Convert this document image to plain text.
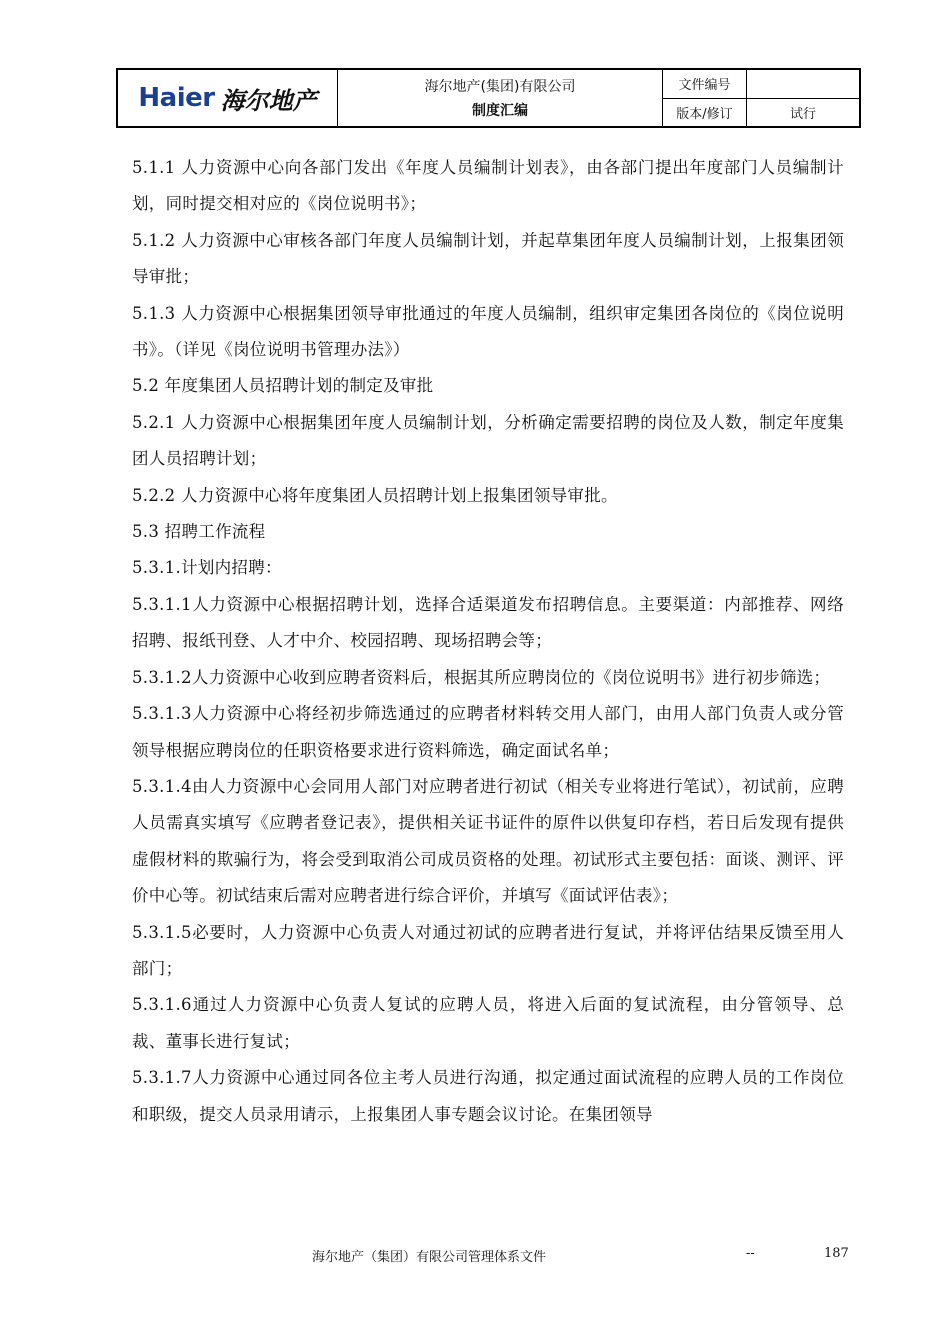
Haier 海尔地产	海尔地产(集团)有限公司
制度汇编
文件编号
版本/修订	试行

5.1.1 人力资源中心向各部门发出《年度人员编制计划表》，由各部门提出年度部门人员编制计划，同时提交相对应的《岗位说明书》；

5.1.2 人力资源中心审核各部门年度人员编制计划，并起草集团年度人员编制计划，上报集团领导审批；

5.1.3 人力资源中心根据集团领导审批通过的年度人员编制，组织审定集团各岗位的《岗位说明书》。（详见《岗位说明书管理办法》）

5.2 年度集团人员招聘计划的制定及审批

5.2.1 人力资源中心根据集团年度人员编制计划，分析确定需要招聘的岗位及人数，制定年度集团人员招聘计划；

5.2.2 人力资源中心将年度集团人员招聘计划上报集团领导审批。

5.3 招聘工作流程

5.3.1.计划内招聘：

5.3.1.1人力资源中心根据招聘计划，选择合适渠道发布招聘信息。主要渠道：内部推荐、网络招聘、报纸刊登、人才中介、校园招聘、现场招聘会等；

5.3.1.2人力资源中心收到应聘者资料后，根据其所应聘岗位的《岗位说明书》进行初步筛选；

5.3.1.3人力资源中心将经初步筛选通过的应聘者材料转交用人部门，由用人部门负责人或分管领导根据应聘岗位的任职资格要求进行资料筛选，确定面试名单；

5.3.1.4由人力资源中心会同用人部门对应聘者进行初试（相关专业将进行笔试），初试前，应聘人员需真实填写《应聘者登记表》，提供相关证书证件的原件以供复印存档，若日后发现有提供虚假材料的欺骗行为，将会受到取消公司成员资格的处理。初试形式主要包括：面谈、测评、评价中心等。初试结束后需对应聘者进行综合评价，并填写《面试评估表》；

5.3.1.5必要时，人力资源中心负责人对通过初试的应聘者进行复试，并将评估结果反馈至用人部门；

5.3.1.6通过人力资源中心负责人复试的应聘人员，将进入后面的复试流程，由分管领导、总裁、董事长进行复试；

5.3.1.7人力资源中心通过同各位主考人员进行沟通，拟定通过面试流程的应聘人员的工作岗位和职级，提交人员录用请示，上报集团人事专题会议讨论。在集团领导

海尔地产（集团）有限公司管理体系文件	--	187
